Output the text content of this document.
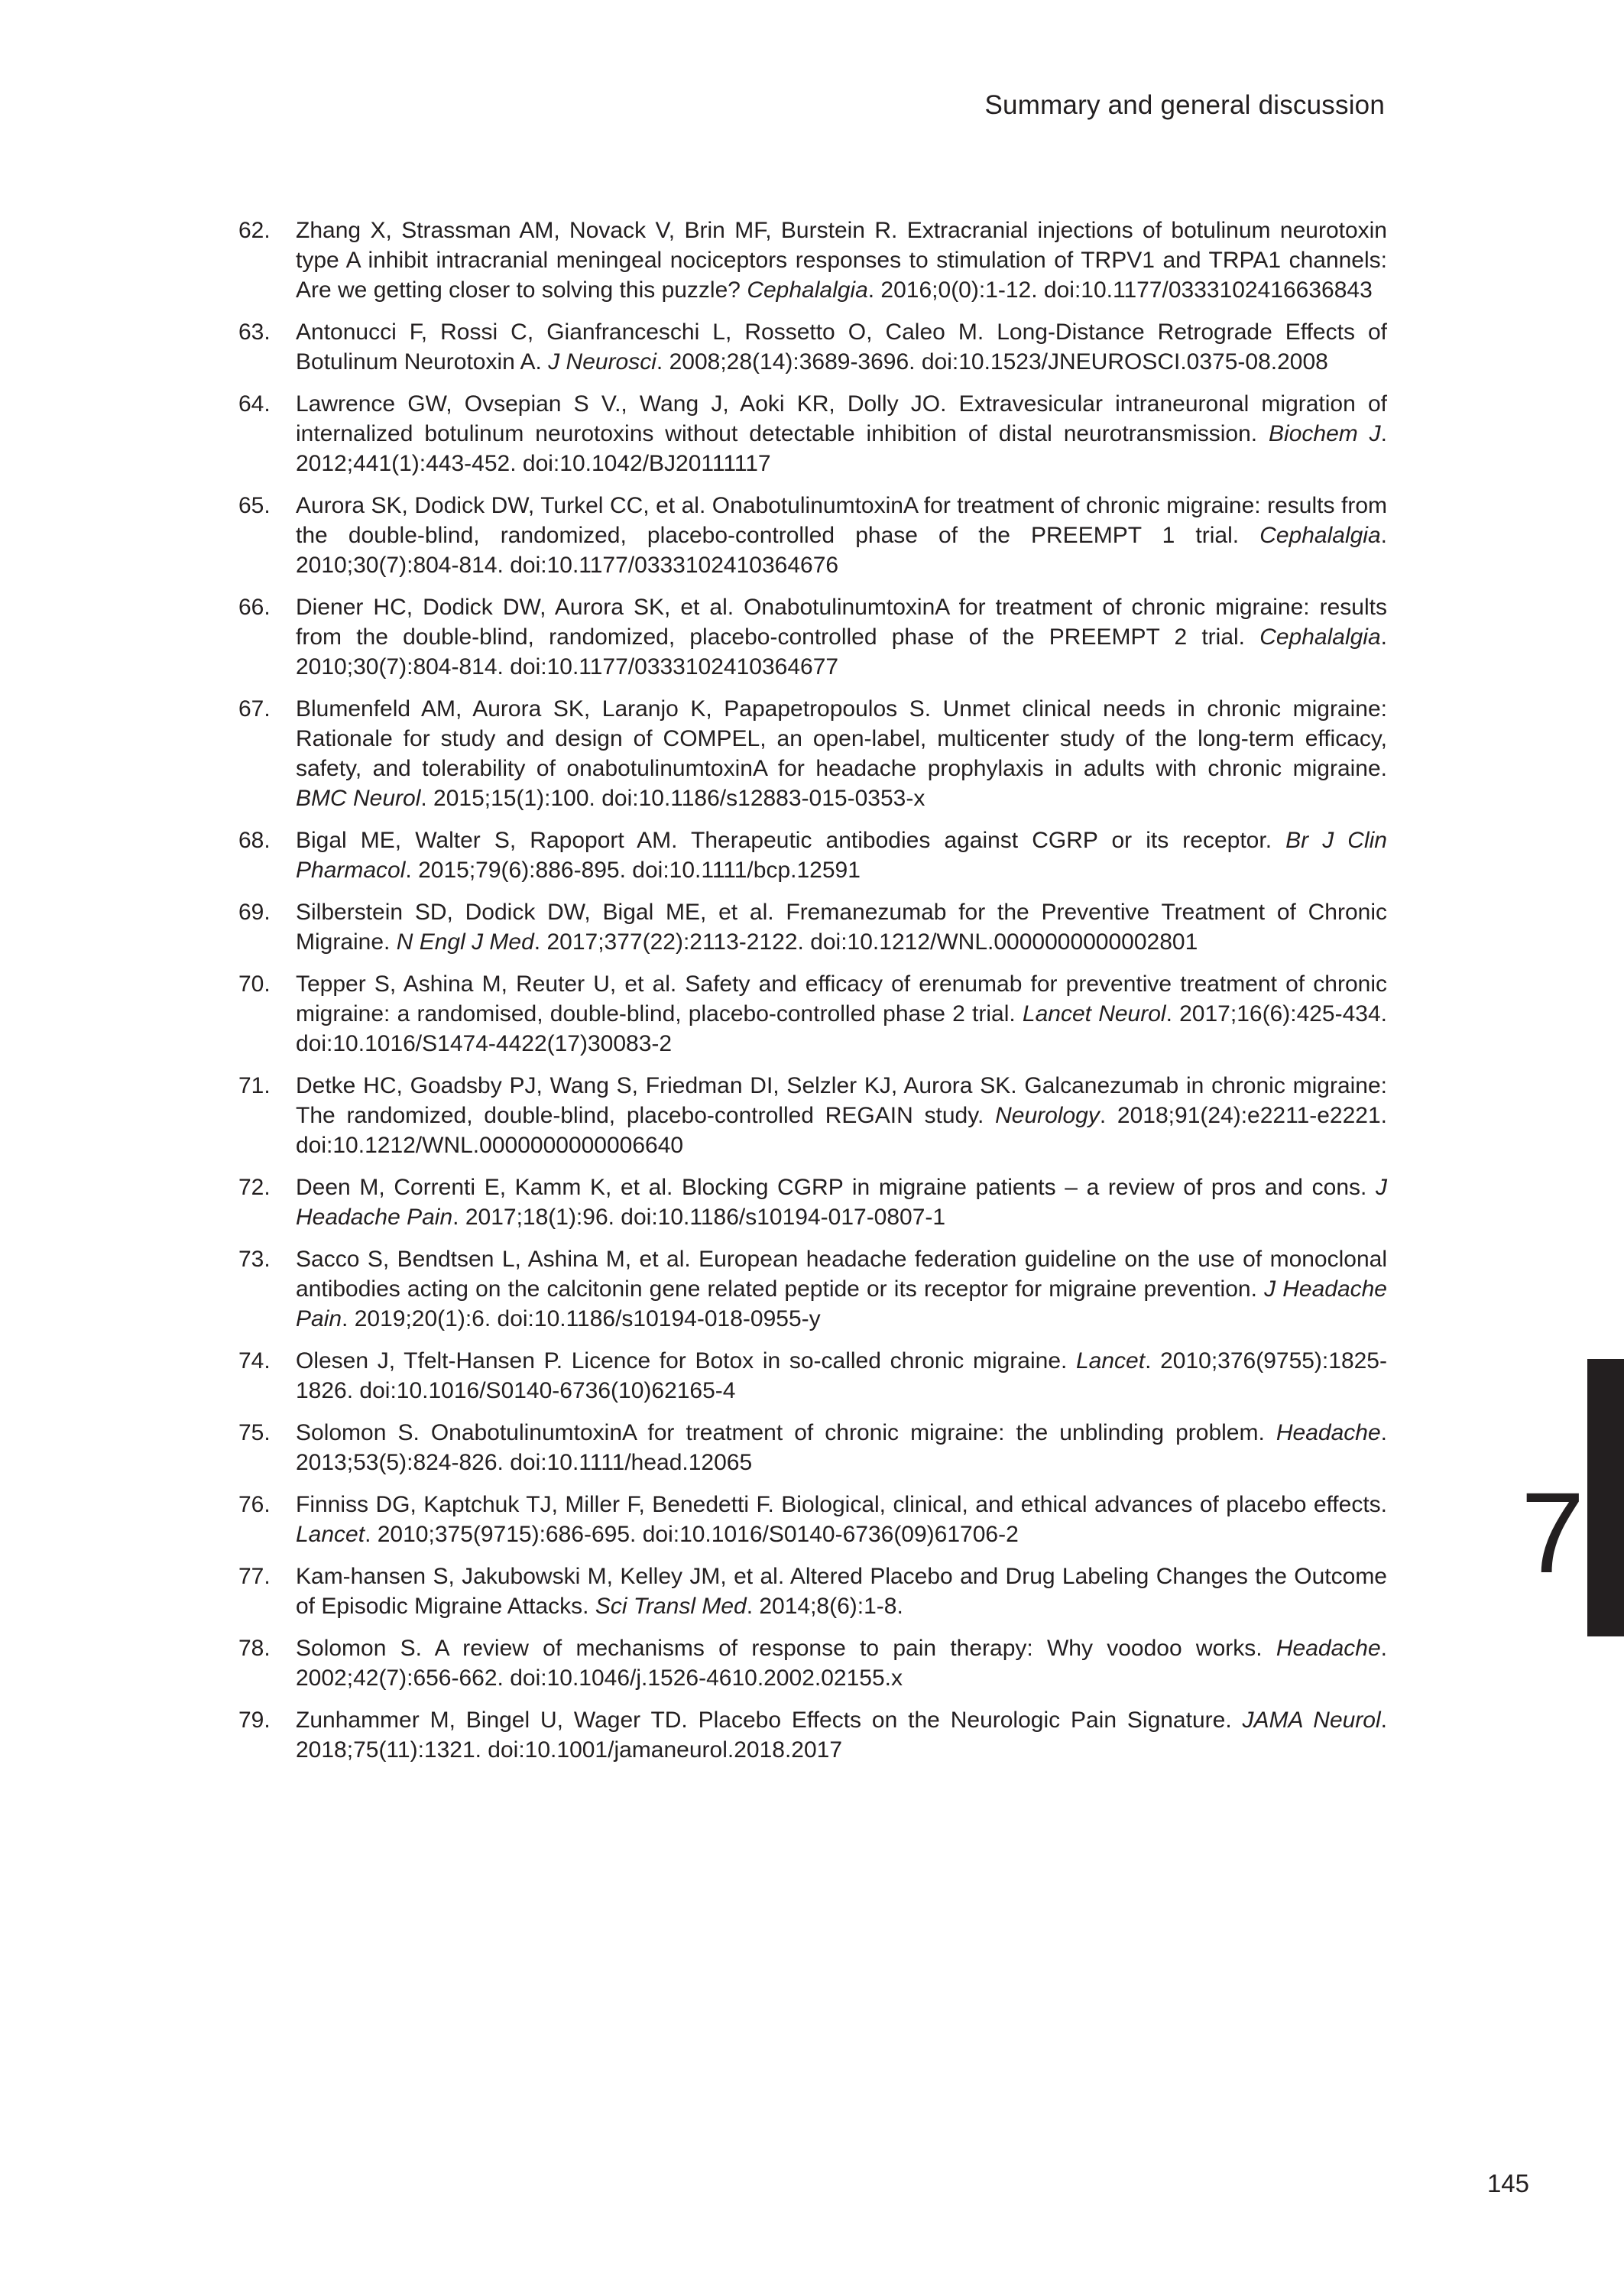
Summary and general discussion
62. Zhang X, Strassman AM, Novack V, Brin MF, Burstein R. Extracranial injections of botulinum neurotoxin type A inhibit intracranial meningeal nociceptors responses to stimulation of TRPV1 and TRPA1 channels: Are we getting closer to solving this puzzle? Cephalalgia. 2016;0(0):1-12. doi:10.1177/0333102416636843
63. Antonucci F, Rossi C, Gianfranceschi L, Rossetto O, Caleo M. Long-Distance Retrograde Effects of Botulinum Neurotoxin A. J Neurosci. 2008;28(14):3689-3696. doi:10.1523/JNEUROSCI.0375-08.2008
64. Lawrence GW, Ovsepian S V., Wang J, Aoki KR, Dolly JO. Extravesicular intraneuronal migration of internalized botulinum neurotoxins without detectable inhibition of distal neurotransmission. Biochem J. 2012;441(1):443-452. doi:10.1042/BJ20111117
65. Aurora SK, Dodick DW, Turkel CC, et al. OnabotulinumtoxinA for treatment of chronic migraine: results from the double-blind, randomized, placebo-controlled phase of the PREEMPT 1 trial. Cephalalgia. 2010;30(7):804-814. doi:10.1177/0333102410364676
66. Diener HC, Dodick DW, Aurora SK, et al. OnabotulinumtoxinA for treatment of chronic migraine: results from the double-blind, randomized, placebo-controlled phase of the PREEMPT 2 trial. Cephalalgia. 2010;30(7):804-814. doi:10.1177/0333102410364677
67. Blumenfeld AM, Aurora SK, Laranjo K, Papapetropoulos S. Unmet clinical needs in chronic migraine: Rationale for study and design of COMPEL, an open-label, multicenter study of the long-term efficacy, safety, and tolerability of onabotulinumtoxinA for headache prophylaxis in adults with chronic migraine. BMC Neurol. 2015;15(1):100. doi:10.1186/s12883-015-0353-x
68. Bigal ME, Walter S, Rapoport AM. Therapeutic antibodies against CGRP or its receptor. Br J Clin Pharmacol. 2015;79(6):886-895. doi:10.1111/bcp.12591
69. Silberstein SD, Dodick DW, Bigal ME, et al. Fremanezumab for the Preventive Treatment of Chronic Migraine. N Engl J Med. 2017;377(22):2113-2122. doi:10.1212/WNL.0000000000002801
70. Tepper S, Ashina M, Reuter U, et al. Safety and efficacy of erenumab for preventive treatment of chronic migraine: a randomised, double-blind, placebo-controlled phase 2 trial. Lancet Neurol. 2017;16(6):425-434. doi:10.1016/S1474-4422(17)30083-2
71. Detke HC, Goadsby PJ, Wang S, Friedman DI, Selzler KJ, Aurora SK. Galcanezumab in chronic migraine: The randomized, double-blind, placebo-controlled REGAIN study. Neurology. 2018;91(24):e2211-e2221. doi:10.1212/WNL.0000000000006640
72. Deen M, Correnti E, Kamm K, et al. Blocking CGRP in migraine patients – a review of pros and cons. J Headache Pain. 2017;18(1):96. doi:10.1186/s10194-017-0807-1
73. Sacco S, Bendtsen L, Ashina M, et al. European headache federation guideline on the use of monoclonal antibodies acting on the calcitonin gene related peptide or its receptor for migraine prevention. J Headache Pain. 2019;20(1):6. doi:10.1186/s10194-018-0955-y
74. Olesen J, Tfelt-Hansen P. Licence for Botox in so-called chronic migraine. Lancet. 2010;376(9755):1825-1826. doi:10.1016/S0140-6736(10)62165-4
75. Solomon S. OnabotulinumtoxinA for treatment of chronic migraine: the unblinding problem. Headache. 2013;53(5):824-826. doi:10.1111/head.12065
76. Finniss DG, Kaptchuk TJ, Miller F, Benedetti F. Biological, clinical, and ethical advances of placebo effects. Lancet. 2010;375(9715):686-695. doi:10.1016/S0140-6736(09)61706-2
77. Kam-hansen S, Jakubowski M, Kelley JM, et al. Altered Placebo and Drug Labeling Changes the Outcome of Episodic Migraine Attacks. Sci Transl Med. 2014;8(6):1-8.
78. Solomon S. A review of mechanisms of response to pain therapy: Why voodoo works. Headache. 2002;42(7):656-662. doi:10.1046/j.1526-4610.2002.02155.x
79. Zunhammer M, Bingel U, Wager TD. Placebo Effects on the Neurologic Pain Signature. JAMA Neurol. 2018;75(11):1321. doi:10.1001/jamaneurol.2018.2017
7
145
